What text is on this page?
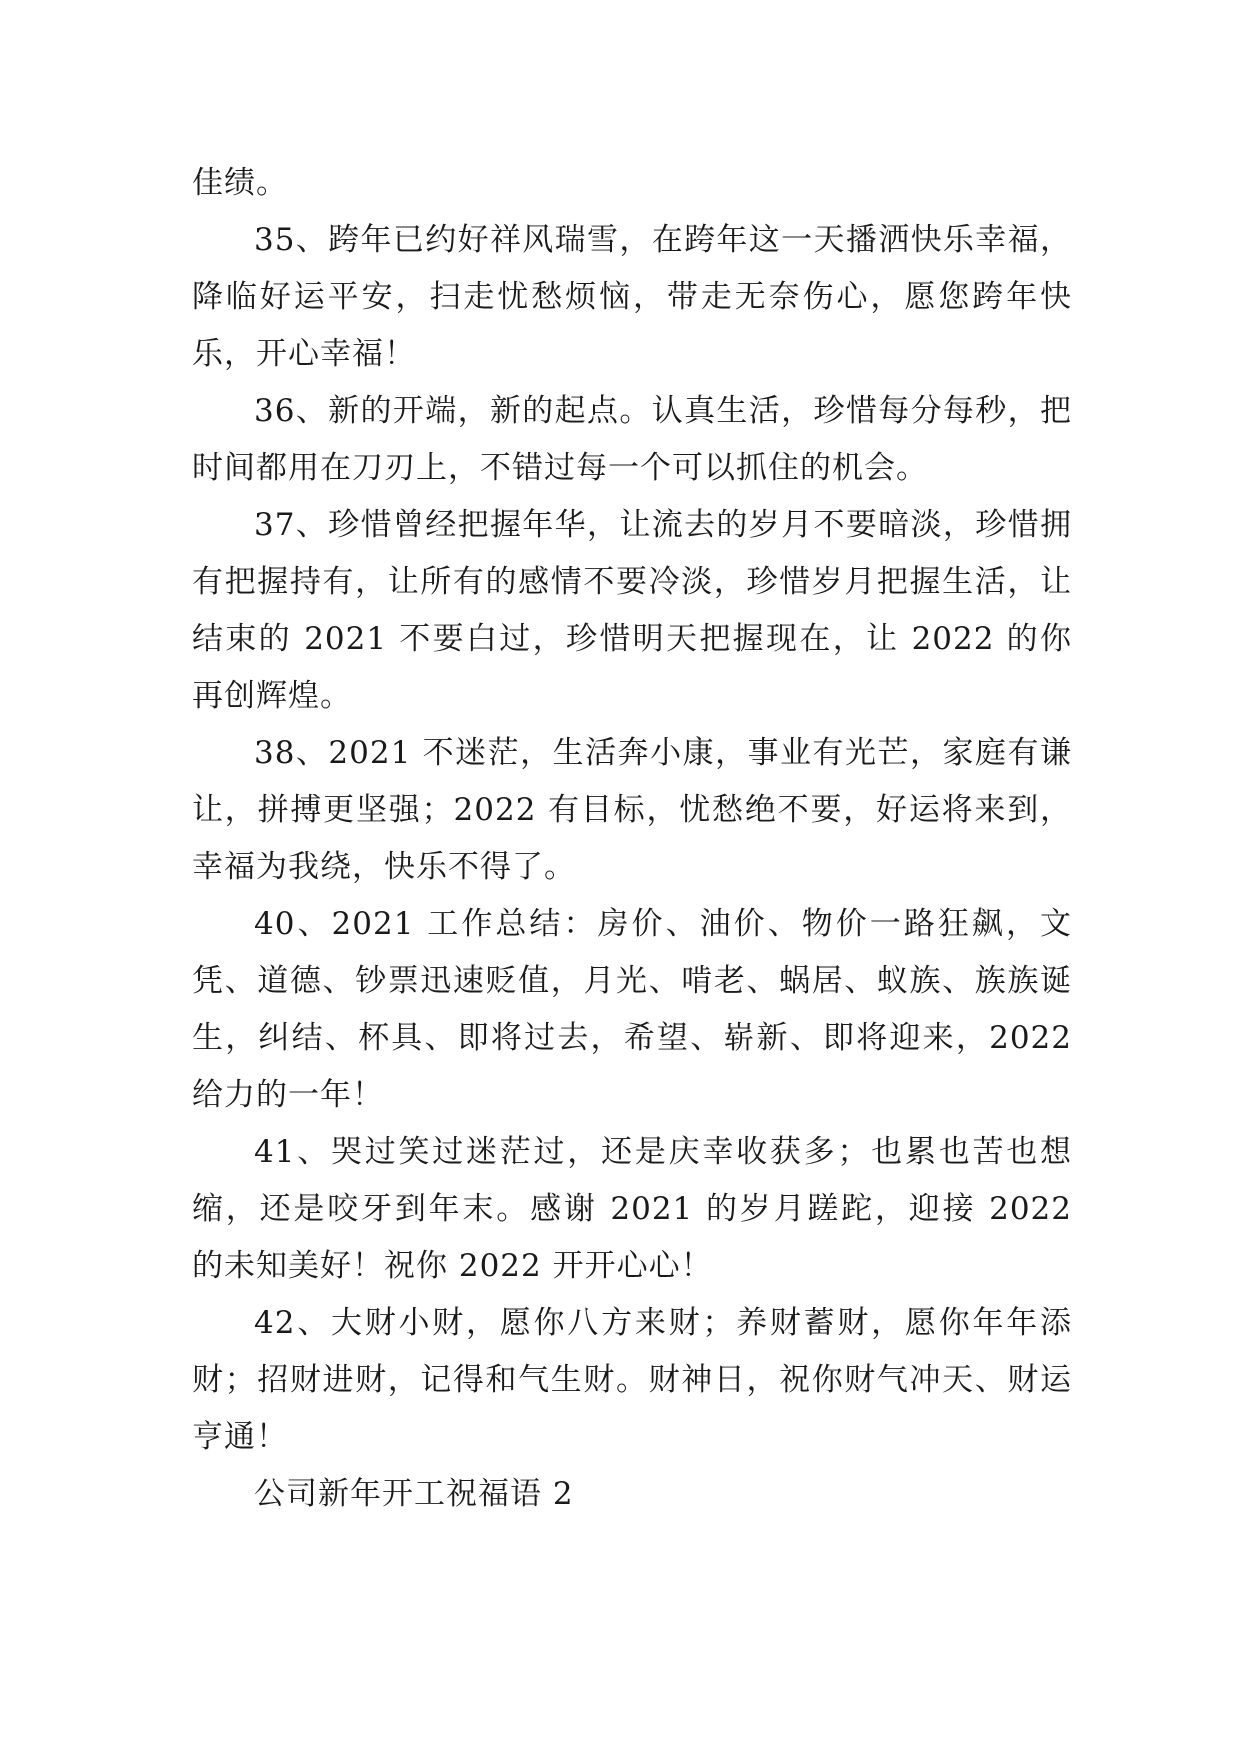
佳绩。

35、跨年已约好祥风瑞雪，在跨年这一天播洒快乐幸福，降临好运平安，扫走忧愁烦恼，带走无奈伤心，愿您跨年快乐，开心幸福！

36、新的开端，新的起点。认真生活，珍惜每分每秒，把时间都用在刀刃上，不错过每一个可以抓住的机会。

37、珍惜曾经把握年华，让流去的岁月不要暗淡，珍惜拥有把握持有，让所有的感情不要冷淡，珍惜岁月把握生活，让结束的 2021 不要白过，珍惜明天把握现在，让 2022 的你再创辉煌。

38、2021 不迷茫，生活奔小康，事业有光芒，家庭有谦让，拼搏更坚强；2022 有目标，忧愁绝不要，好运将来到，幸福为我绕，快乐不得了。

40、2021 工作总结：房价、油价、物价一路狂飙，文凭、道德、钞票迅速贬值，月光、啃老、蜗居、蚁族、族族诞生，纠结、杯具、即将过去，希望、崭新、即将迎来，2022 给力的一年！

41、哭过笑过迷茫过，还是庆幸收获多；也累也苦也想缩，还是咬牙到年末。感谢 2021 的岁月蹉跎，迎接 2022 的未知美好！祝你 2022 开开心心！

42、大财小财，愿你八方来财；养财蓄财，愿你年年添财；招财进财，记得和气生财。财神日，祝你财气冲天、财运亨通！

公司新年开工祝福语 2
